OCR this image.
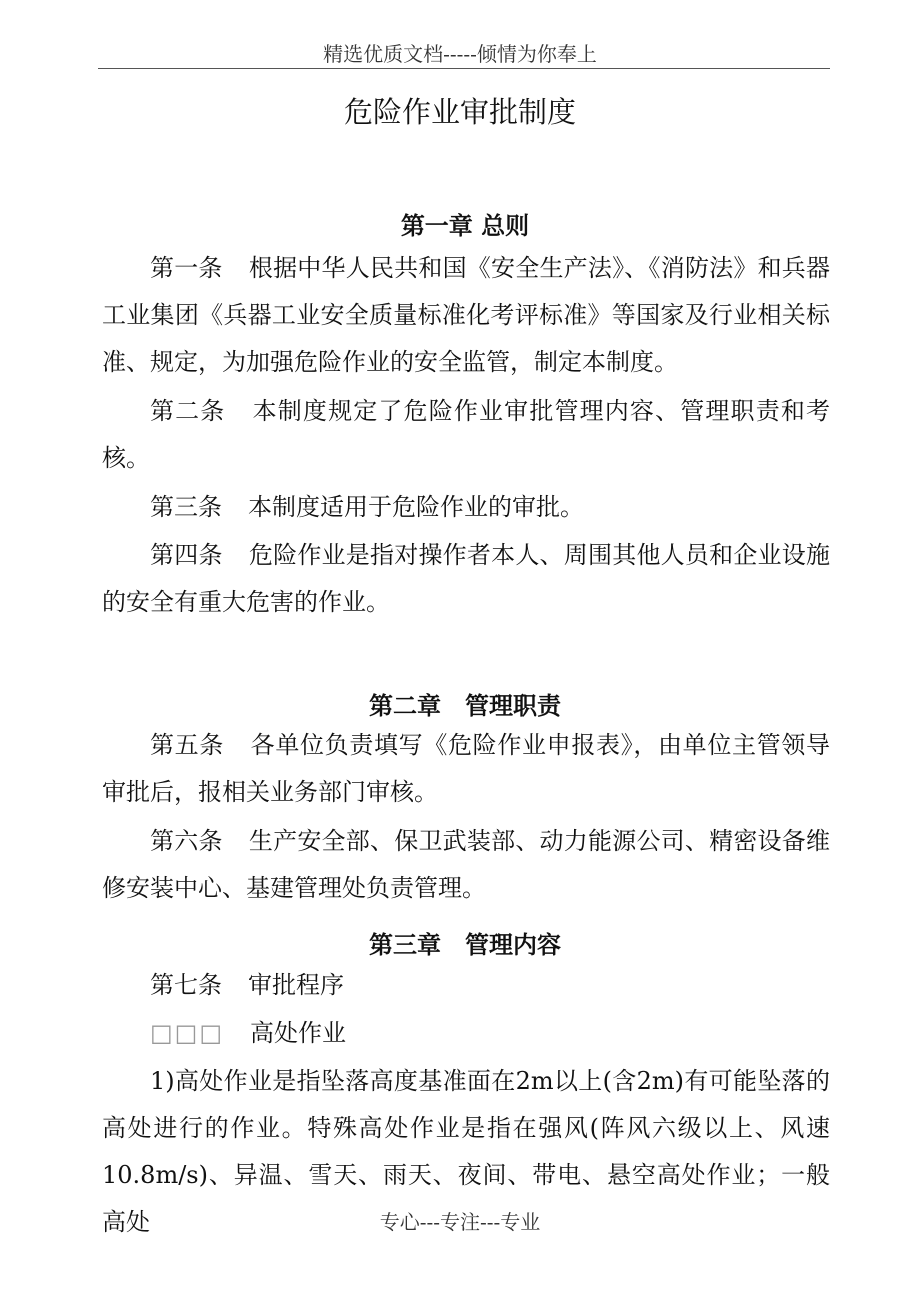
精选优质文档-----倾情为你奉上
危险作业审批制度
第一章 总则

第一条 根据中华人民共和国《安全生产法》、《消防法》和兵器工业集团《兵器工业安全质量标准化考评标准》等国家及行业相关标准、规定，为加强危险作业的安全监管，制定本制度。

第二条 本制度规定了危险作业审批管理内容、管理职责和考核。

第三条 本制度适用于危险作业的审批。

第四条 危险作业是指对操作者本人、周围其他人员和企业设施的安全有重大危害的作业。

第二章　管理职责

第五条 各单位负责填写《危险作业申报表》，由单位主管领导审批后，报相关业务部门审核。

第六条 生产安全部、保卫武装部、动力能源公司、精密设备维修安装中心、基建管理处负责管理。

第三章　管理内容

第七条 审批程序

□□□ 高处作业

1)高处作业是指坠落高度基准面在2m以上(含2m)有可能坠落的高处进行的作业。特殊高处作业是指在强风(阵风六级以上、风速10.8m/s)、异温、雪天、雨天、夜间、带电、悬空高处作业；一般高处	专心---专注---专业
